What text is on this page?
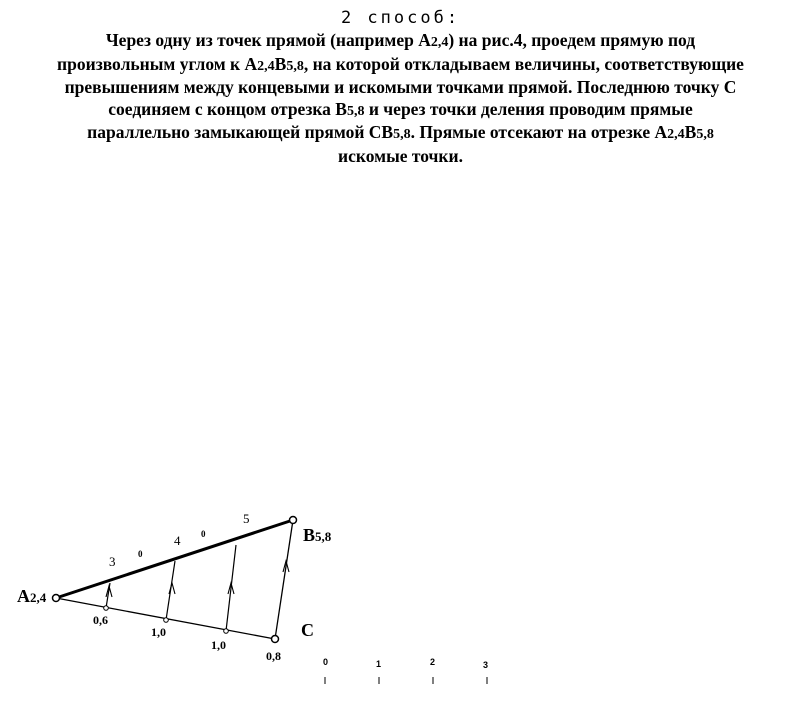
2 способ:
Через одну из точек прямой (например А2,4) на рис.4, проедем прямую под
произвольным углом к А2,4В5,8, на которой откладываем величины, соответствующие
превышениям между концевыми и искомыми точками прямой. Последнюю точку С
соединяем с концом отрезка В5,8 и через точки деления проводим прямые
параллельно замыкающей прямой СВ5,8. Прямые отсекают на отрезке А2,4В5,8
искомые точки.
А2,4
В5,8
С
3
4
5
0
0
0,6
1,0
1,0
0,8	0	1	2	3
